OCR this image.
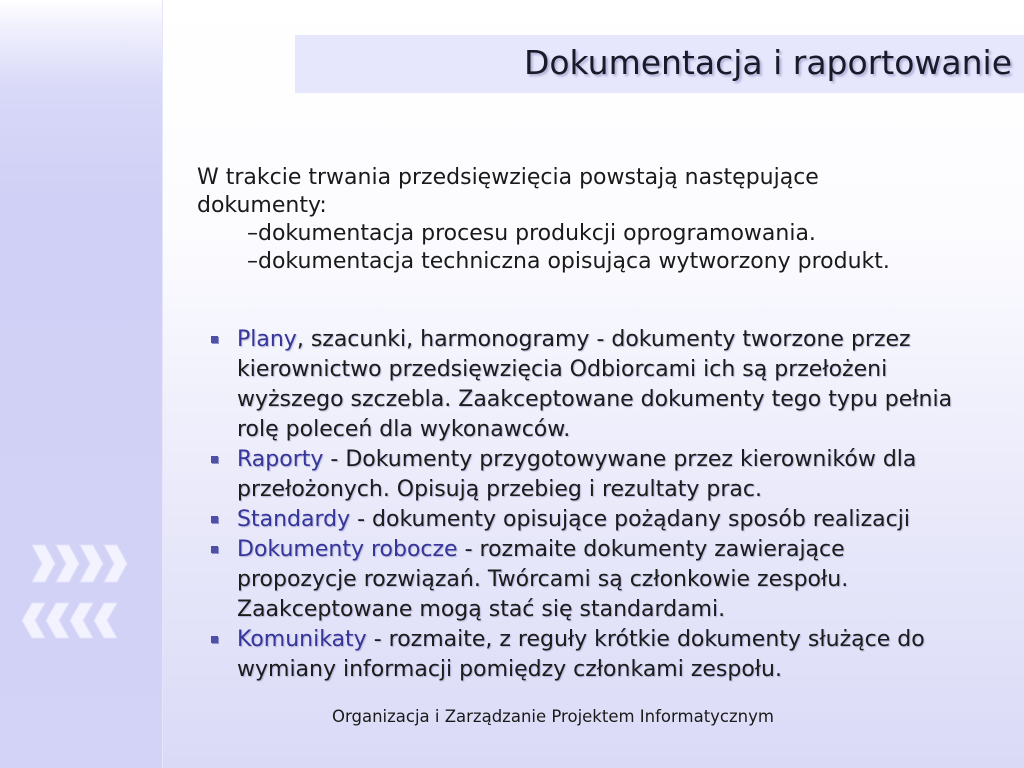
Dokumentacja i raportowanie
W trakcie trwania przedsięwzięcia powstają następujące dokumenty:
–dokumentacja procesu produkcji oprogramowania.
–dokumentacja techniczna opisująca wytworzony produkt.
Plany, szacunki, harmonogramy - dokumenty tworzone przez kierownictwo przedsięwzięcia Odbiorcami ich są przełożeni wyższego szczebla. Zaakceptowane dokumenty tego typu pełnia rolę poleceń dla wykonawców.
Raporty - Dokumenty przygotowywane przez kierowników dla przełożonych. Opisują przebieg i rezultaty prac.
Standardy - dokumenty opisujące pożądany sposób realizacji
Dokumenty robocze - rozmaite dokumenty zawierające propozycje rozwiązań. Twórcami są członkowie zespołu. Zaakceptowane mogą stać się standardami.
Komunikaty - rozmaite, z reguły krótkie dokumenty służące do wymiany informacji pomiędzy członkami zespołu.
Organizacja i Zarządzanie Projektem Informatycznym
